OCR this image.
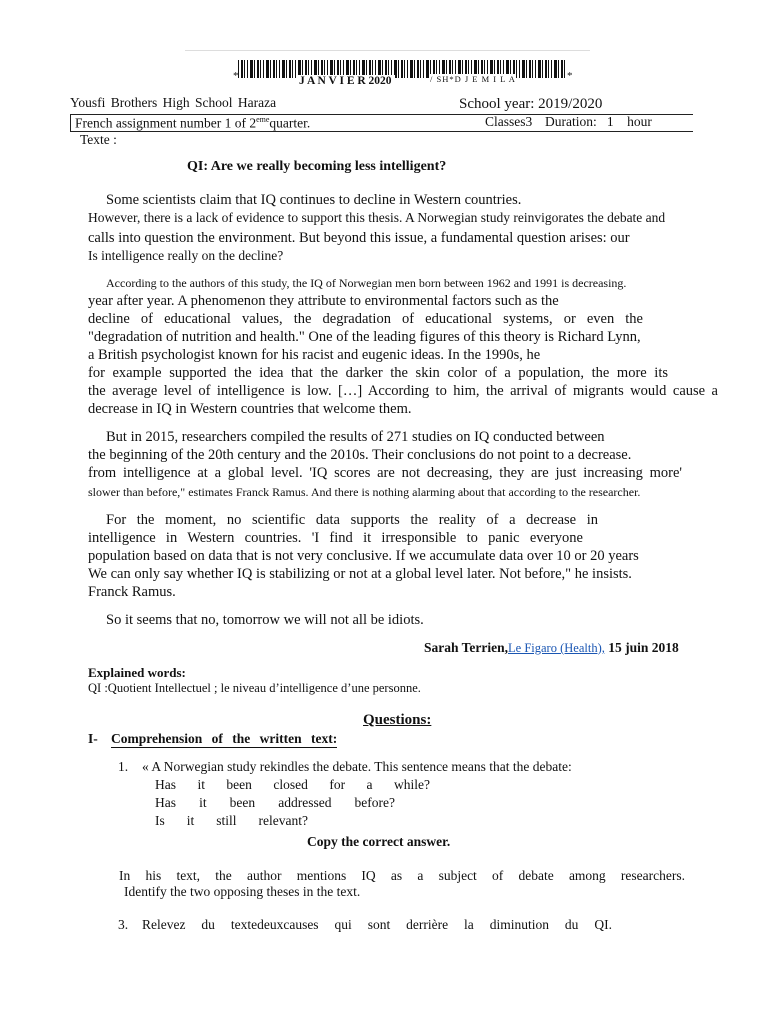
*	J A N V I E R 2020	/ SH*D J E M I L A	*
Yousfi Brothers High School Haraza	School year: 2019/2020
French assignment number 1 of 2emequarter.	Classes3 Duration:   1    hour
Texte :
QI: Are we really becoming less intelligent?
Some scientists claim that IQ continues to decline in Western countries.
However, there is a lack of evidence to support this thesis. A Norwegian study reinvigorates the debate and
calls into question the environment. But beyond this issue, a fundamental question arises: our
Is intelligence really on the decline?
According to the authors of this study, the IQ of Norwegian men born between 1962 and 1991 is decreasing.
year after year. A phenomenon they attribute to environmental factors such as the
decline of educational values, the degradation of educational systems, or even the
"degradation of nutrition and health." One of the leading figures of this theory is Richard Lynn,
a British psychologist known for his racist and eugenic ideas. In the 1990s, he
for example supported the idea that the darker the skin color of a population, the more its
the average level of intelligence is low. […] According to him, the arrival of migrants would cause a
decrease in IQ in Western countries that welcome them.
But in 2015, researchers compiled the results of 271 studies on IQ conducted between
the beginning of the 20th century and the 2010s. Their conclusions do not point to a decrease.
from intelligence at a global level. 'IQ scores are not decreasing, they are just increasing more'
slower than before," estimates Franck Ramus. And there is nothing alarming about that according to the researcher.
For the moment, no scientific data supports the reality of a decrease in
intelligence in Western countries. 'I find it irresponsible to panic everyone
population based on data that is not very conclusive. If we accumulate data over 10 or 20 years
We can only say whether IQ is stabilizing or not at a global level later. Not before," he insists.
Franck Ramus.
So it seems that no, tomorrow we will not all be idiots.
Sarah Terrien,Le Figaro (Health), 15 juin 2018
Explained words:
QI :Quotient Intellectuel ; le niveau d’intelligence d’une personne.
Questions:
I- Comprehension of the written text:
1. « A Norwegian study rekindles the debate. This sentence means that the debate:
Has it been closed for a while?
Has it been addressed before?
Is it still relevant?
Copy the correct answer.
In his text, the author mentions IQ as a subject of debate among researchers.
Identify the two opposing theses in the text.
3. Relevez du textedeuxcauses qui sont derrière la diminution du QI.
